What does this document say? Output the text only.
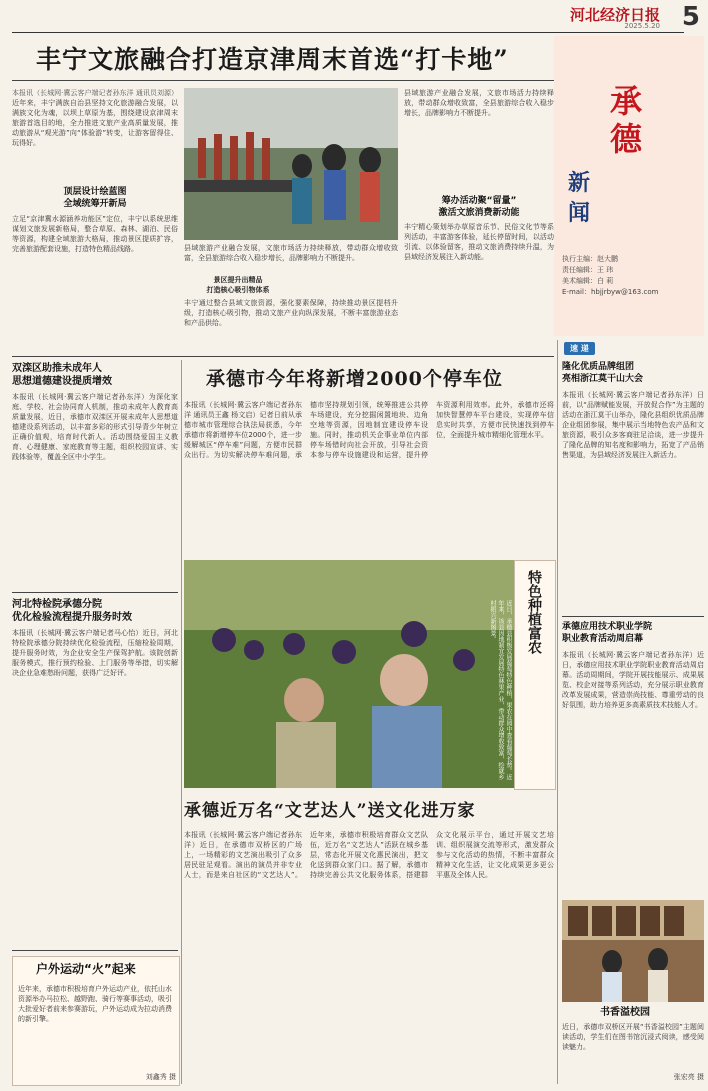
河北经济日报
2025.5.20 5
丰宁文旅融合打造京津周末首选“打卡地”
本报讯（长城网·冀云客户端记者孙东洋 通讯员刘源）近年来，丰宁满族自治县坚持文化旅游融合发展，以满族文化为魂，以坝上草原为基，围绕建设京津周末旅游首选目的地，全力推进文旅产业高质量发展，推动旅游从“观光游”向“体验游”转变，让游客留得住、玩得好。
顶层设计绘蓝图
全域统筹开新局
立足“京津冀水源涵养功能区”定位，丰宁以系统思维谋划文旅发展新格局，整合草原、森林、湖泊、民俗等资源，构建全域旅游大格局，推动景区提质扩容，完善旅游配套设施，打造特色精品线路。	县域旅游产业融合发展，文旅市场活力持续释放，带动群众增收致富，全县旅游综合收入稳步增长，品牌影响力不断提升。
景区提升出精品
打造核心吸引物体系
丰宁通过整合县域文旅资源，强化要素保障，持续推动景区提档升级，打造核心吸引物，推动文旅产业向纵深发展，不断丰富旅游业态和产品供给。
县域旅游产业融合发展，文旅市场活力持续释放，带动群众增收致富，全县旅游综合收入稳步增长，品牌影响力不断提升。
筹办活动聚“留量”
激活文旅消费新动能
丰宁精心策划举办草原音乐节、民俗文化节等系列活动，丰富游客体验，延长停留时间，以活动引流、以体验留客，推动文旅消费持续升温，为县域经济发展注入新动能。
承
德
新
闻
执行主编：赵大鹏
责任编辑：王 玮
美术编辑：白 莉
E-mail：hbjjrbyw@163.com
双滦区助推未成年人
思想道德建设提质增效
本报讯（长城网·冀云客户端记者孙东洋）为深化家庭、学校、社会协同育人机制，推动未成年人教育高质量发展，近日，承德市双滦区开展未成年人思想道德建设系列活动，以丰富多彩的形式引导青少年树立正确价值观，培育时代新人。活动围绕爱国主义教育、心理健康、家庭教育等主题，组织校园宣讲、实践体验等，覆盖全区中小学生。
河北特检院承德分院
优化检验流程提升服务时效
本报讯（长城网·冀云客户端记者马心怡）近日，河北特检院承德分院持续优化检验流程，压缩检验周期，提升服务时效，为企业安全生产保驾护航。该院创新服务模式，推行预约检验、上门服务等举措，切实解决企业急难愁盼问题，获得广泛好评。
户外运动“火”起来
近年来，承德市积极培育户外运动产业，依托山水资源举办马拉松、越野跑、骑行等赛事活动，吸引大批爱好者前来参赛游玩，户外运动成为拉动消费的新引擎。
刘鑫秀 摄
承德市今年将新增2000个停车位
本报讯（长城网·冀云客户端记者孙东洋 通讯员王鑫 杨文启）记者日前从承德市城市管理综合执法局获悉，今年承德市将新增停车位2000个，进一步缓解城区“停车难”问题，方便市民群众出行。为切实解决停车难问题，承德市坚持规划引领，统筹推进公共停车场建设，充分挖掘闲置地块、边角空地等资源，因地制宜建设停车设施。同时，推动机关企事业单位内部停车场错时向社会开放，引导社会资本参与停车设施建设和运营，提升停车资源利用效率。此外，承德市还将加快智慧停车平台建设，实现停车信息实时共享，方便市民快速找到停车位，全面提升城市精细化管理水平。
特色种植富农
近日，承德县积极发展葡萄特色种植，果农在园中查看葡萄长势。近年来，该县因地制宜发展特色林果产业，带动群众增收致富，绘就乡村振兴新图景。
承德近万名“文艺达人”送文化进万家
本报讯（长城网·冀云客户端记者孙东洋）近日，在承德市双桥区的广场上，一场精彩的文艺演出吸引了众多居民驻足观看。演出的演员并非专业人士，而是来自社区的“文艺达人”。近年来，承德市积极培育群众文艺队伍，近万名“文艺达人”活跃在城乡基层，常态化开展文化惠民演出，把文化送到群众家门口。据了解，承德市持续完善公共文化服务体系，搭建群众文化展示平台，通过开展文艺培训、组织展演交流等形式，激发群众参与文化活动的热情，不断丰富群众精神文化生活，让文化成果更多更公平惠及全体人民。
速 递
隆化优质品牌组团
亮相浙江莫干山大会
本报讯（长城网·冀云客户端记者孙东洋）日前，以“品牌赋能发展，开放促合作”为主题的活动在浙江莫干山举办，隆化县组织优质品牌企业组团参展，集中展示当地特色农产品和文旅资源，吸引众多客商驻足洽谈，进一步提升了隆化品牌的知名度和影响力，拓宽了产品销售渠道，为县域经济发展注入新活力。
承德应用技术职业学院
职业教育活动周启幕
本报讯（长城网·冀云客户端记者孙东洋）近日，承德应用技术职业学院职业教育活动周启幕。活动周期间，学院开展技能展示、成果展览、校企对接等系列活动，充分展示职业教育改革发展成果，营造崇尚技能、尊重劳动的良好氛围，助力培养更多高素质技术技能人才。
书香溢校园
近日，承德市双桥区开展“书香溢校园”主题阅读活动，学生们在图书馆沉浸式阅读，感受阅读魅力。
张宏亮 摄
